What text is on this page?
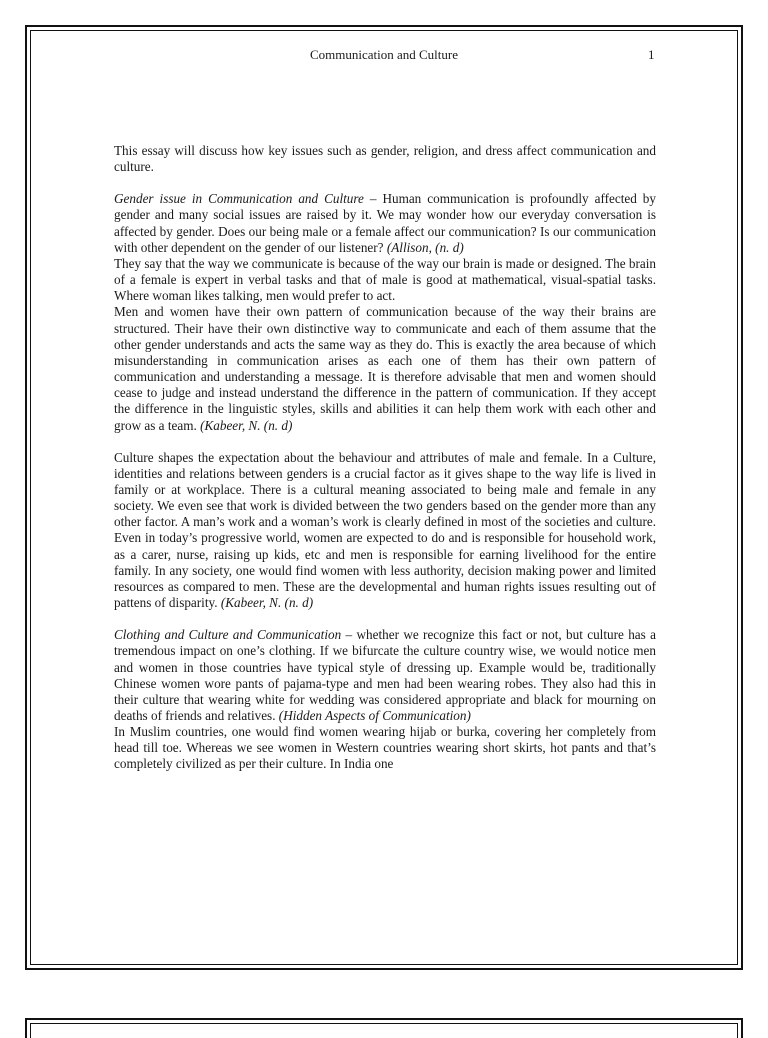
Communication and Culture	1

This essay will discuss how key issues such as gender, religion, and dress affect communication and culture.

Gender issue in Communication and Culture – Human communication is profoundly affected by gender and many social issues are raised by it. We may wonder how our everyday conversation is affected by gender. Does our being male or a female affect our communication? Is our communication with other dependent on the gender of our listener? (Allison, (n. d)

They say that the way we communicate is because of the way our brain is made or designed. The brain of a female is expert in verbal tasks and that of male is good at mathematical, visual-spatial tasks. Where woman likes talking, men would prefer to act.

Men and women have their own pattern of communication because of the way their brains are structured. Their have their own distinctive way to communicate and each of them assume that the other gender understands and acts the same way as they do. This is exactly the area because of which misunderstanding in communication arises as each one of them has their own pattern of communication and understanding a message. It is therefore advisable that men and women should cease to judge and instead understand the difference in the pattern of communication. If they accept the difference in the linguistic styles, skills and abilities it can help them work with each other and grow as a team. (Kabeer, N. (n. d)

Culture shapes the expectation about the behaviour and attributes of male and female. In a Culture, identities and relations between genders is a crucial factor as it gives shape to the way life is lived in family or at workplace. There is a cultural meaning associated to being male and female in any society. We even see that work is divided between the two genders based on the gender more than any other factor. A man’s work and a woman’s work is clearly defined in most of the societies and culture. Even in today’s progressive world, women are expected to do and is responsible for household work, as a carer, nurse, raising up kids, etc and men is responsible for earning livelihood for the entire family. In any society, one would find women with less authority, decision making power and limited resources as compared to men. These are the developmental and human rights issues resulting out of pattens of disparity. (Kabeer, N. (n. d)

Clothing and Culture and Communication – whether we recognize this fact or not, but culture has a tremendous impact on one’s clothing. If we bifurcate the culture country wise, we would notice men and women in those countries have typical style of dressing up. Example would be, traditionally Chinese women wore pants of pajama-type and men had been wearing robes. They also had this in their culture that wearing white for wedding was considered appropriate and black for mourning on deaths of friends and relatives. (Hidden Aspects of Communication)

In Muslim countries, one would find women wearing hijab or burka, covering her completely from head till toe. Whereas we see women in Western countries wearing short skirts, hot pants and that’s completely civilized as per their culture. In India one
